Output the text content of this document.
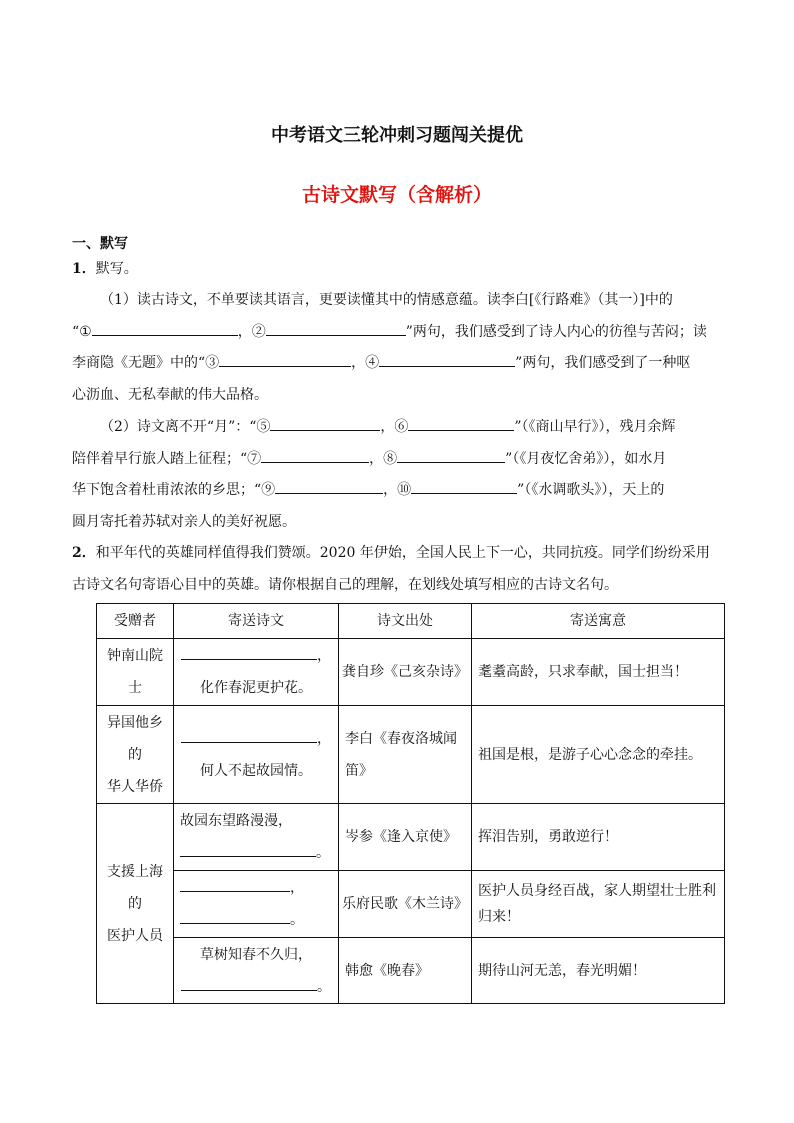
中考语文三轮冲刺习题闯关提优
古诗文默写（含解析）
一、默写
1．默写。
（1）读古诗文，不单要读其语言，更要读懂其中的情感意蕴。读李白[《行路难》（其一）]中的
“①	，②	”两句，我们感受到了诗人内心的彷徨与苦闷；读
李商隐《无题》中的“③	，④	”两句，我们感受到了一种呕
心沥血、无私奉献的伟大品格。
（2）诗文离不开“月”：“⑤	，⑥	”（《商山早行》），残月余辉
陪伴着早行旅人踏上征程；“⑦	，⑧	”（《月夜忆舍弟》），如水月
华下饱含着杜甫浓浓的乡思；“⑨	，⑩	”（《水调歌头》），天上的
圆月寄托着苏轼对亲人的美好祝愿。
2．和平年代的英雄同样值得我们赞颂。2020 年伊始，全国人民上下一心，共同抗疫。同学们纷纷采用
古诗文名句寄语心目中的英雄。请你根据自己的理解，在划线处填写相应的古诗文名句。
受赠者	寄送诗文	诗文出处	寄送寓意
钟南山院士	，
化作春泥更护花。	龚自珍《己亥杂诗》	耄耋高龄，只求奉献，国士担当！
异国他乡
的
华人华侨	，
何人不起故园情。	李白《春夜洛城闻笛》	祖国是根，是游子心心念念的牵挂。
支援上海
的
医护人员	故园东望路漫漫，
。	岑参《逢入京使》	挥泪告别，勇敢逆行！
	，
。	乐府民歌《木兰诗》	医护人员身经百战，家人期望壮士胜利归来！
	草树知春不久归，
。	韩愈《晚春》	期待山河无恙，春光明媚！
